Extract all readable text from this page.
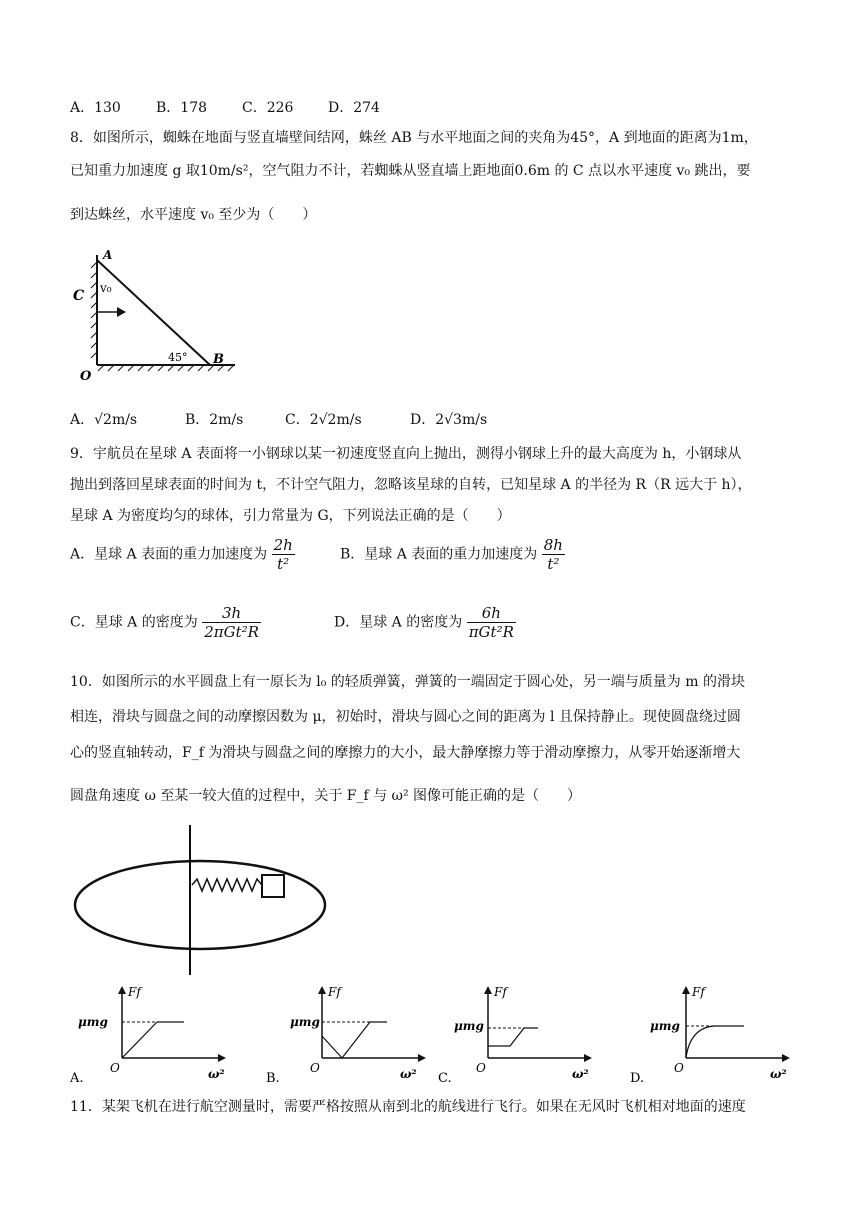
A．130	B．178 C．226 D．274
8．如图所示，蜘蛛在地面与竖直墙壁间结网，蛛丝 AB 与水平地面之间的夹角为45°，A 到地面的距离为1m，
已知重力加速度 g 取10m/s²，空气阻力不计，若蜘蛛从竖直墙上距地面0.6m 的 C 点以水平速度 v₀ 跳出，要
到达蛛丝，水平速度 v₀ 至少为（　　）
A
C v₀
O
B
45°
A．√2m/s	B．2m/s	C．2√2m/s	D．2√3m/s
9．宇航员在星球 A 表面将一小钢球以某一初速度竖直向上抛出，测得小钢球上升的最大高度为 h，小钢球从
抛出到落回星球表面的时间为 t，不计空气阻力，忽略该星球的自转，已知星球 A 的半径为 R（R 远大于 h），
星球 A 为密度均匀的球体，引力常量为 G，下列说法正确的是（　　）
A．星球 A 表面的重力加速度为 $\frac{2h}{\text{t²}}$	B．星球 A 表面的重力加速度为 $\frac{8h}{\text{t²}}$
C．星球 A 的密度为 $\frac{3h}{\text{2πGt²R}}$	D．星球 A 的密度为 $\frac{6h}{\text{πGt²R}}$
10．如图所示的水平圆盘上有一原长为 l₀ 的轻质弹簧，弹簧的一端固定于圆心处，另一端与质量为 m 的滑块
相连，滑块与圆盘之间的动摩擦因数为 μ，初始时，滑块与圆心之间的距离为 l 且保持静止。现使圆盘绕过圆
心的竖直轴转动，F_f 为滑块与圆盘之间的摩擦力的大小，最大静摩擦力等于滑动摩擦力，从零开始逐渐增大
圆盘角速度 ω 至某一较大值的过程中，关于 F_f 与 ω² 图像可能正确的是（　　）
Ff
μmg
O	ω²
A.
Ff
μmg
O	ω²
B.
Ff
μmg
O	ω²
C.
Ff
μmg
O	ω²
D.
11．某架飞机在进行航空测量时，需要严格按照从南到北的航线进行飞行。如果在无风时飞机相对地面的速度
